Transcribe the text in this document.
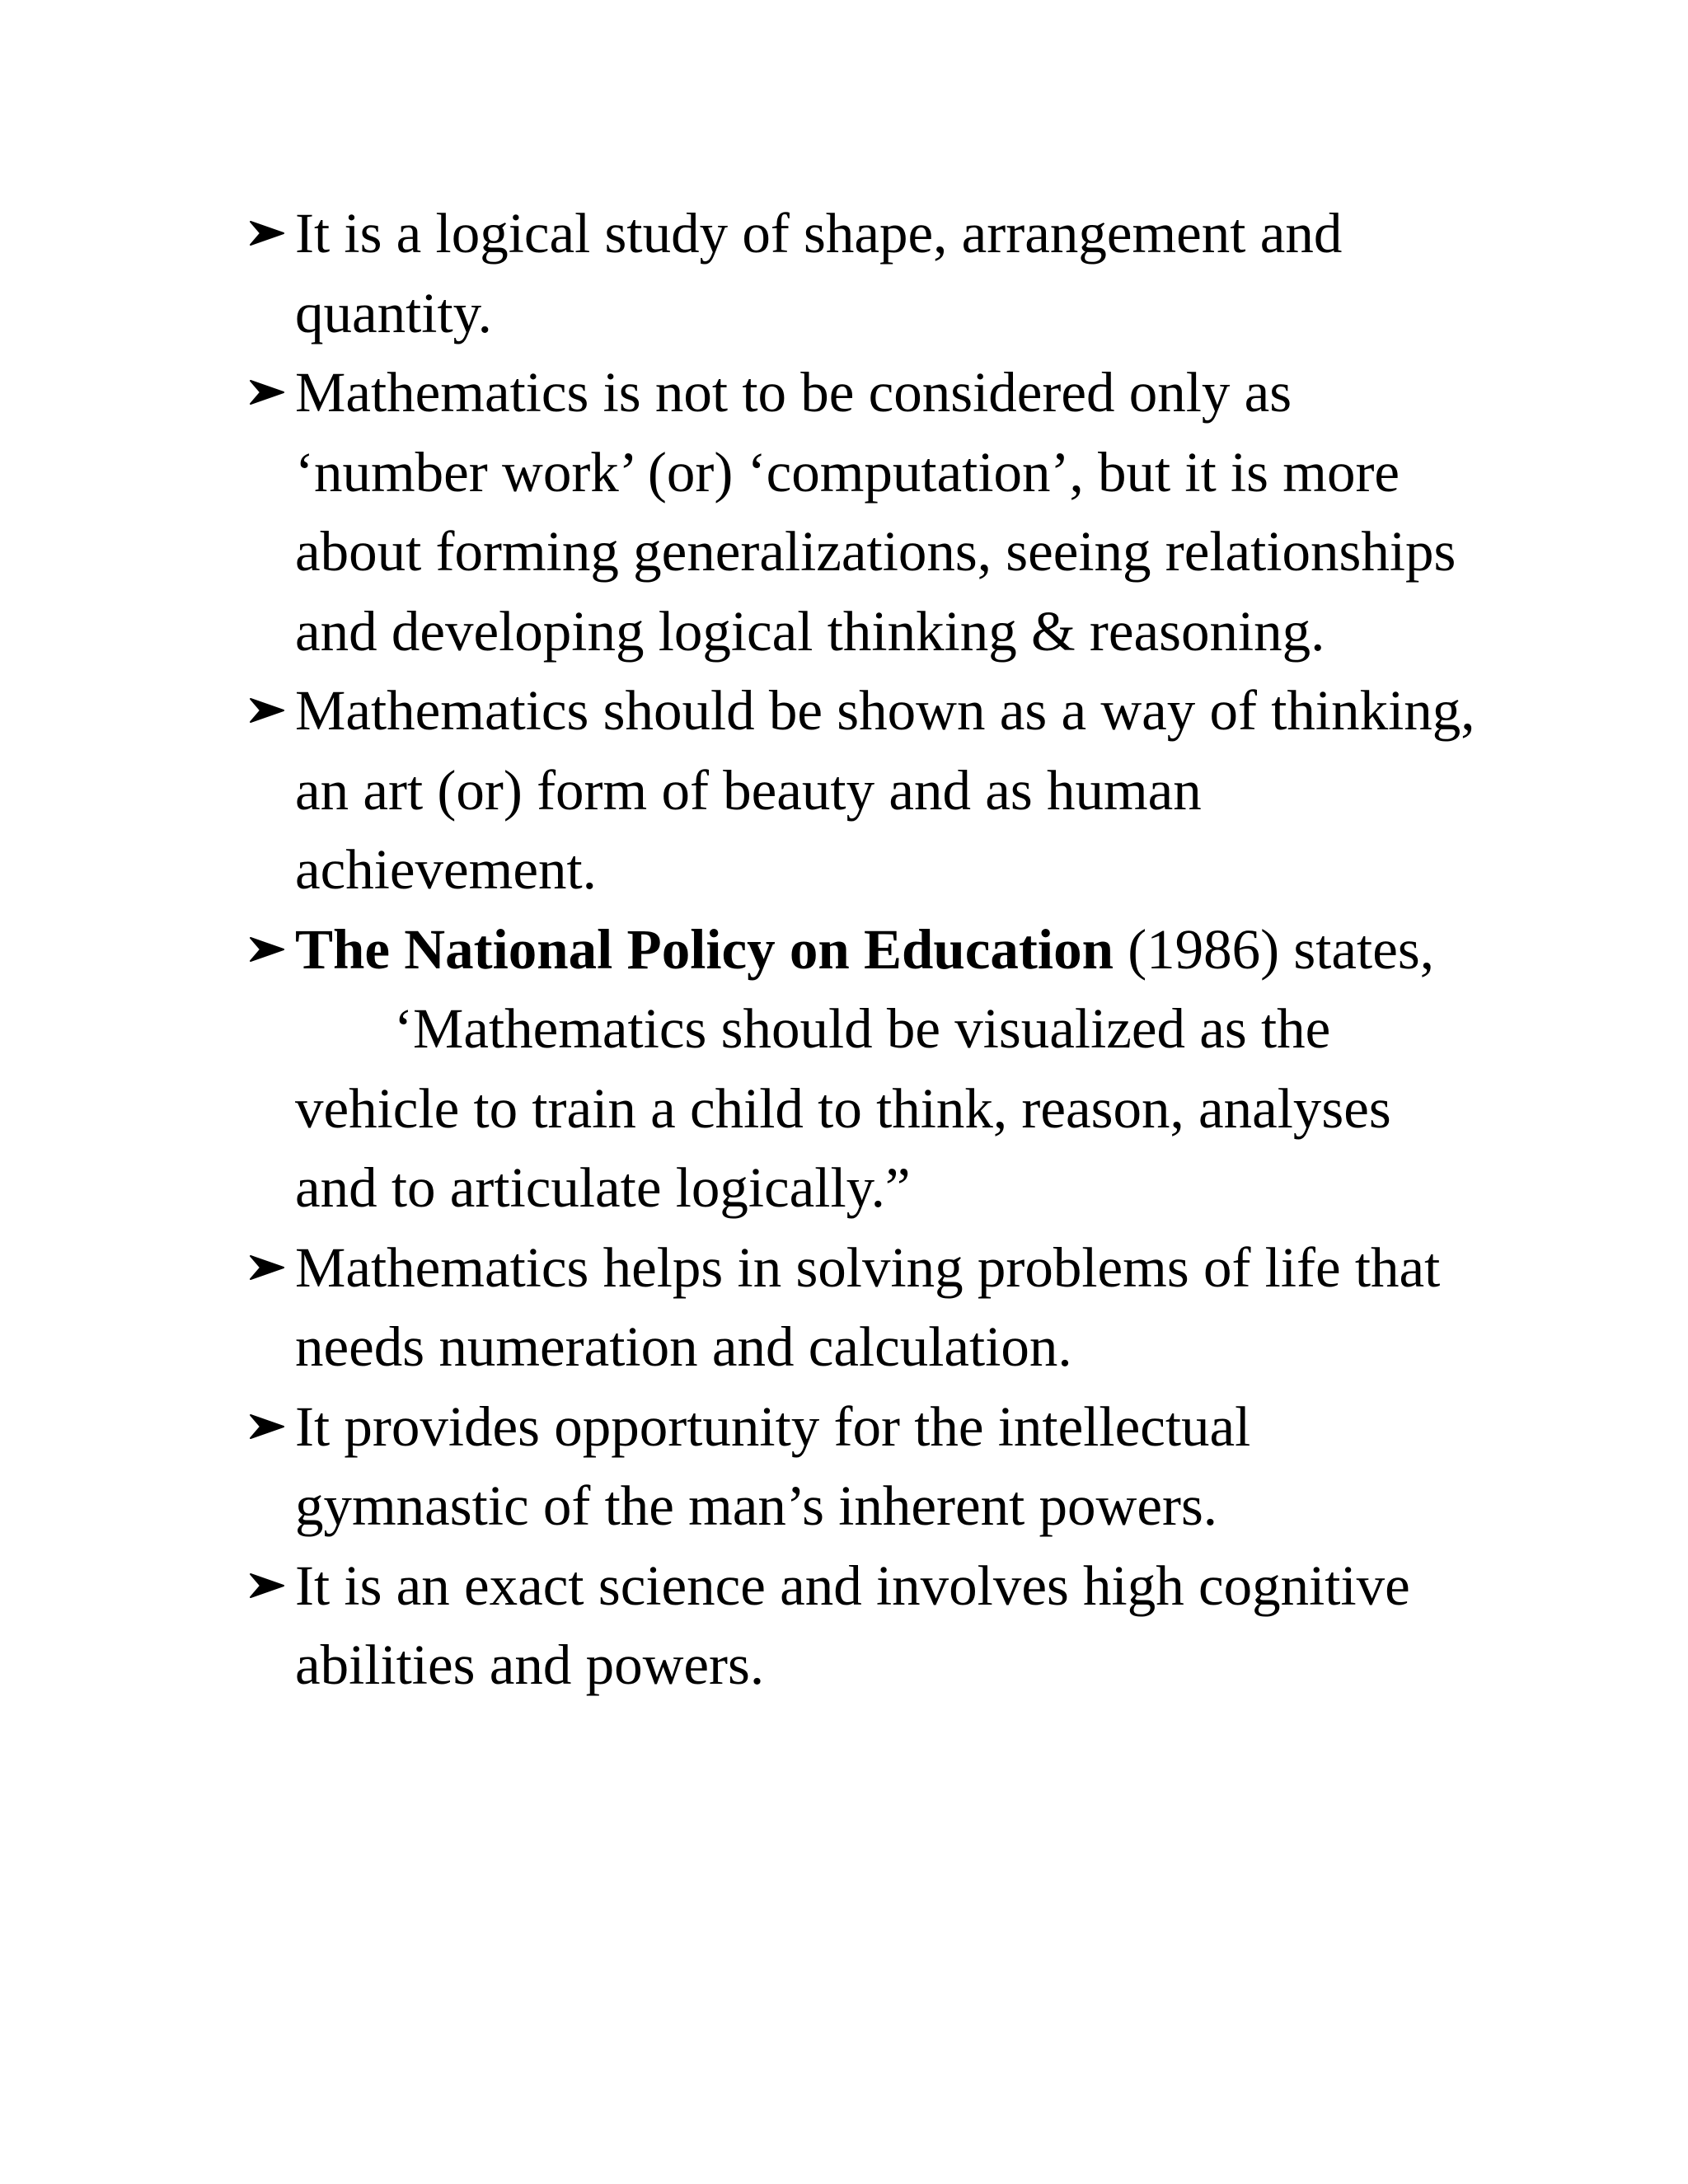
It is a logical study of shape, arrangement and quantity.

Mathematics is not to be considered only as ‘number work’ (or) ‘computation’, but it is more about forming generalizations, seeing relationships and developing logical thinking & reasoning.

Mathematics should be shown as a way of thinking, an art (or) form of beauty and as human achievement.

The National Policy on Education (1986) states,

‘Mathematics should be visualized as the vehicle to train a child to think, reason, analyses and to articulate logically.”

Mathematics helps in solving problems of life that needs numeration and calculation.

It provides opportunity for the intellectual gymnastic of the man’s inherent powers.

It is an exact science and involves high cognitive abilities and powers.
